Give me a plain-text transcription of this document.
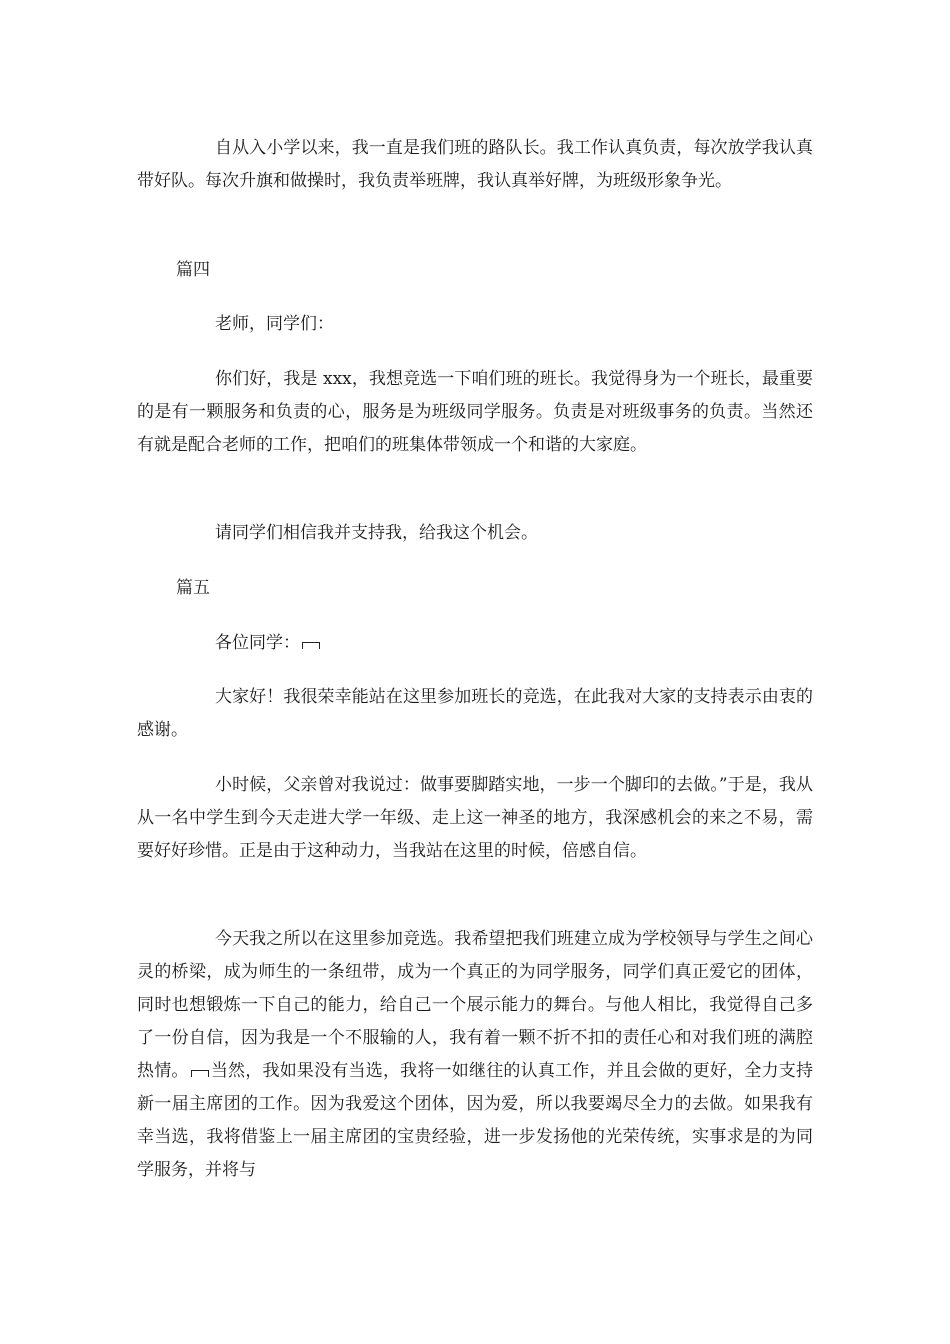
自从入小学以来，我一直是我们班的路队长。我工作认真负责，每次放学我认真带好队。每次升旗和做操时，我负责举班牌，我认真举好牌，为班级形象争光。

篇四

老师，同学们：

你们好，我是 xxx，我想竞选一下咱们班的班长。我觉得身为一个班长，最重要的是有一颗服务和负责的心，服务是为班级同学服务。负责是对班级事务的负责。当然还有就是配合老师的工作，把咱们的班集体带领成一个和谐的大家庭。

请同学们相信我并支持我，给我这个机会。

篇五

各位同学：

大家好！我很荣幸能站在这里参加班长的竞选，在此我对大家的支持表示由衷的感谢。

小时候，父亲曾对我说过：做事要脚踏实地，一步一个脚印的去做。”于是，我从从一名中学生到今天走进大学一年级、走上这一神圣的地方，我深感机会的来之不易，需要好好珍惜。正是由于这种动力，当我站在这里的时候，倍感自信。

今天我之所以在这里参加竞选。我希望把我们班建立成为学校领导与学生之间心灵的桥梁，成为师生的一条纽带，成为一个真正的为同学服务，同学们真正爱它的团体，同时也想锻炼一下自己的能力，给自己一个展示能力的舞台。与他人相比，我觉得自己多了一份自信，因为我是一个不服输的人，我有着一颗不折不扣的责任心和对我们班的满腔热情。 当然，我如果没有当选，我将一如继往的认真工作，并且会做的更好，全力支持新一届主席团的工作。因为我爱这个团体，因为爱，所以我要竭尽全力的去做。如果我有幸当选，我将借鉴上一届主席团的宝贵经验，进一步发扬他的光荣传统，实事求是的为同学服务，并将与
